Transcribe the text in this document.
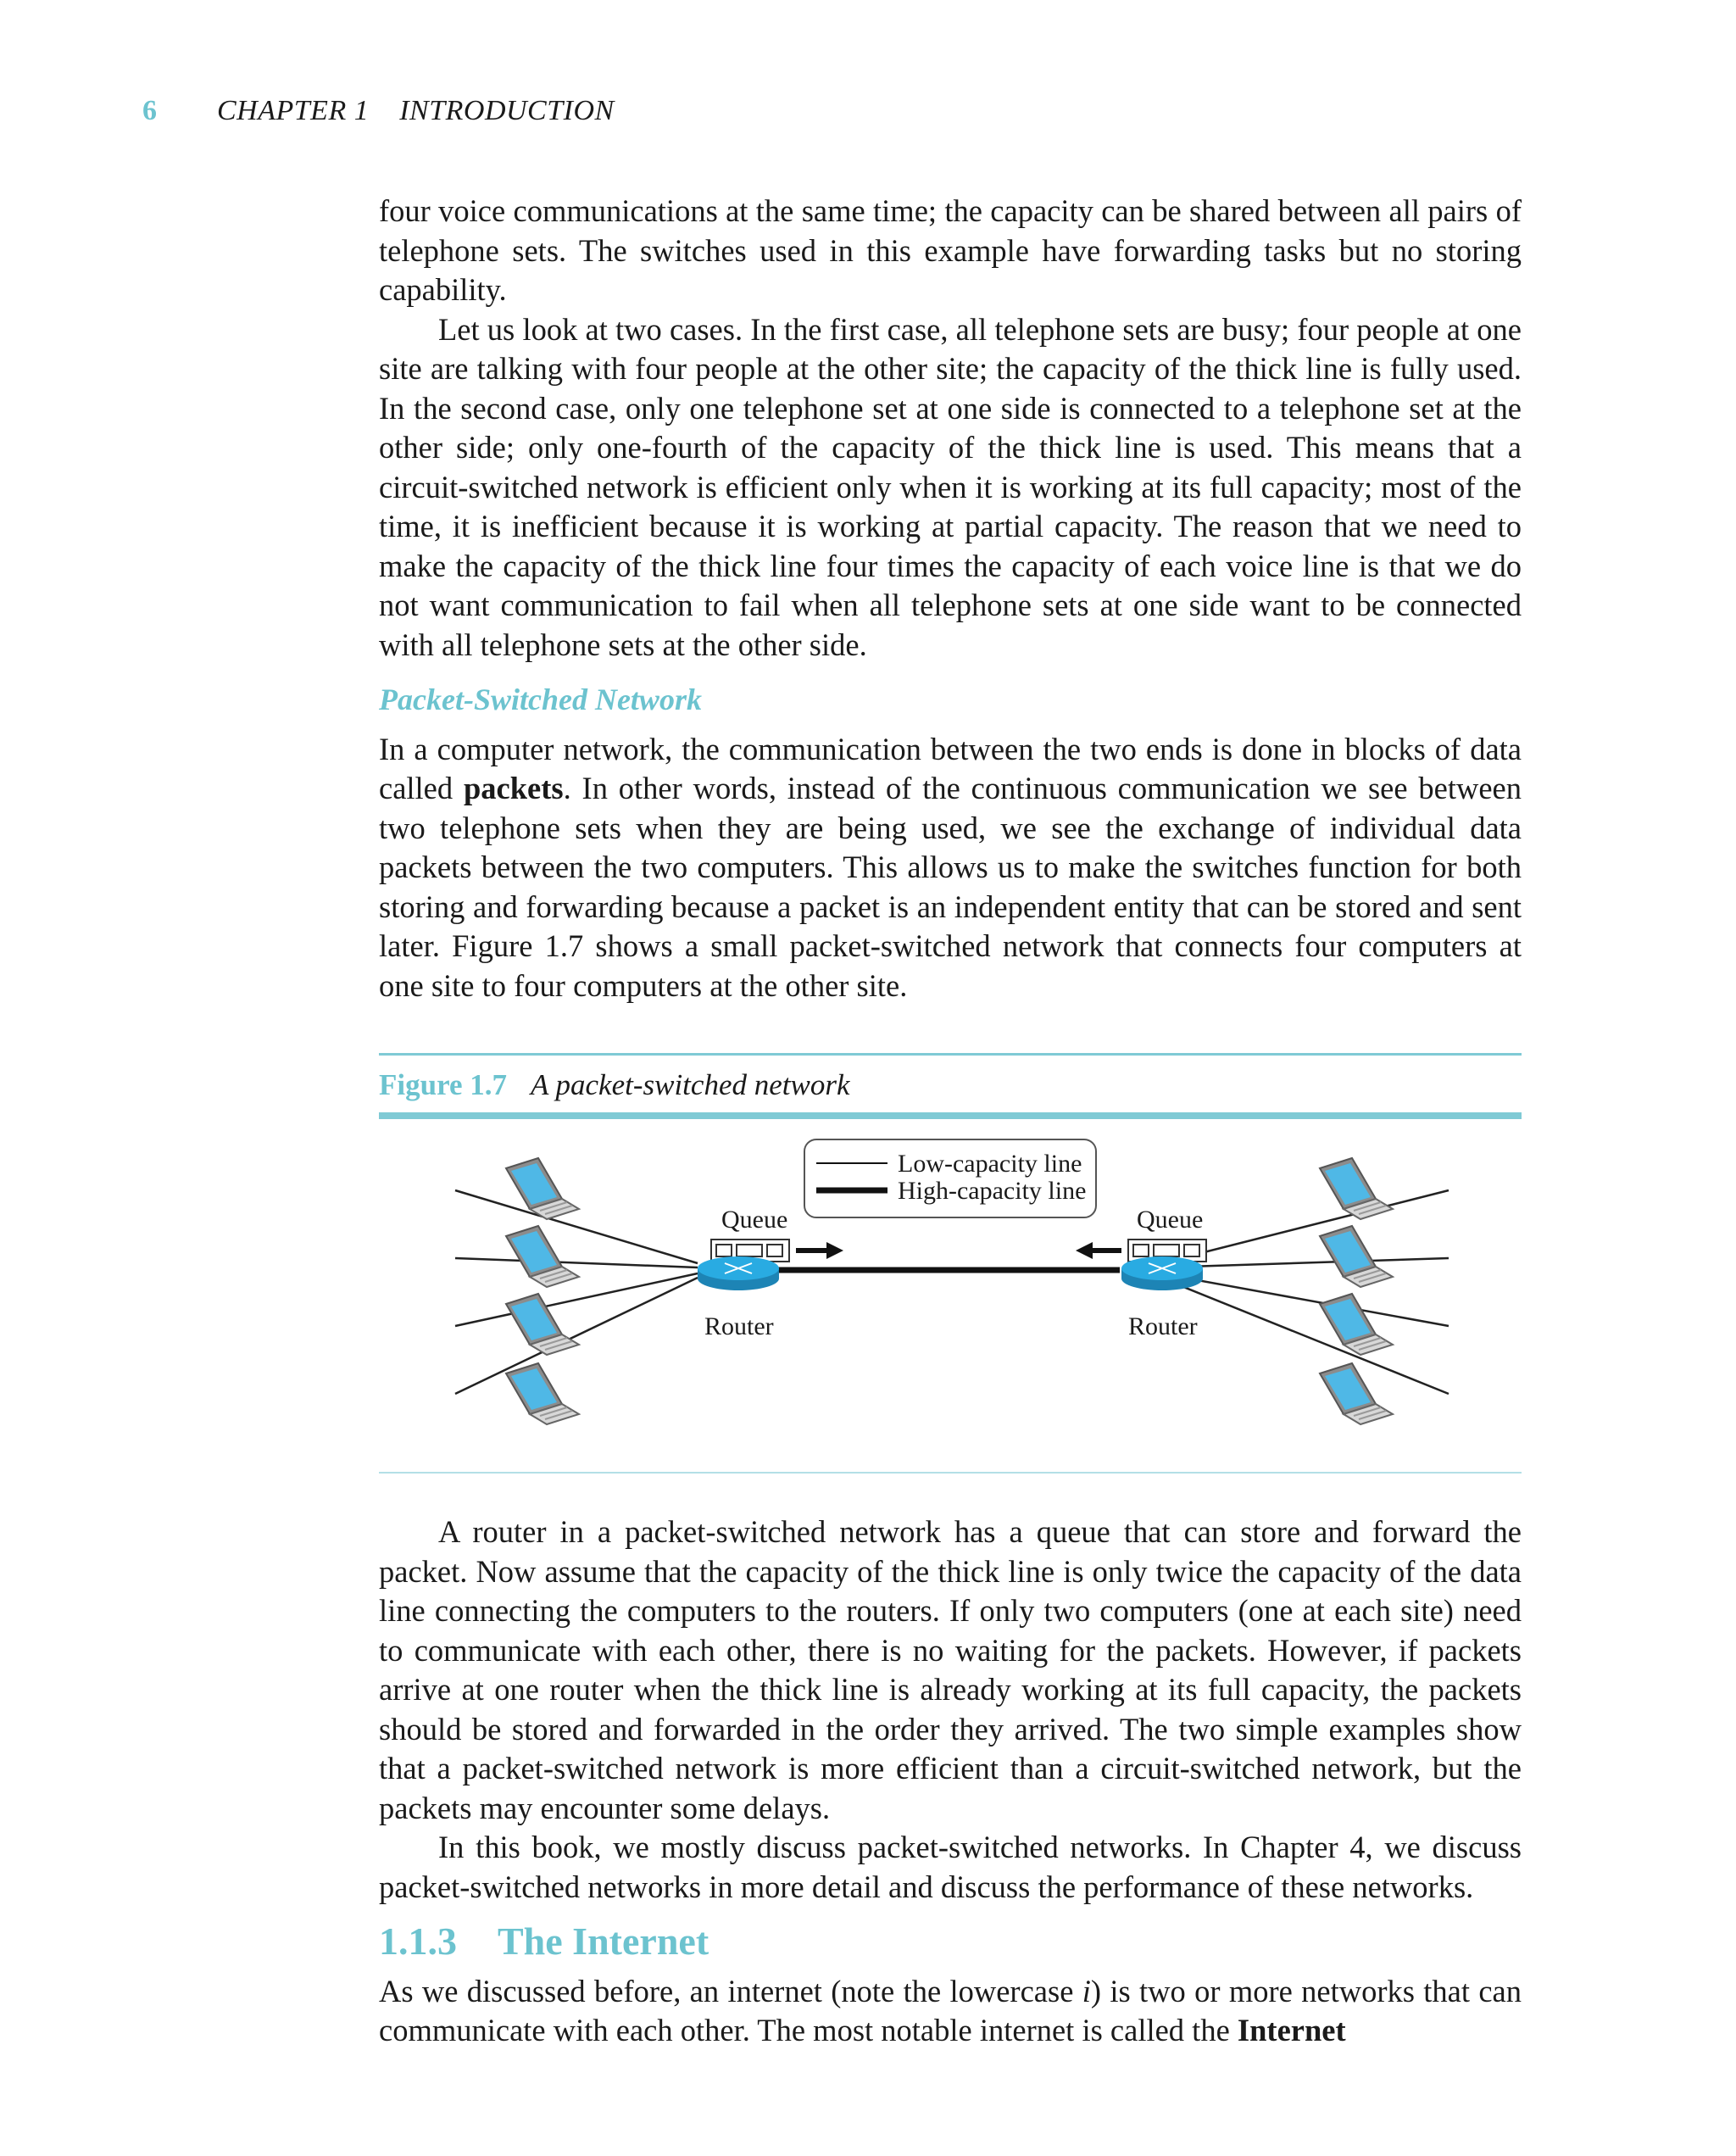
6 CHAPTER 1 INTRODUCTION

four voice communications at the same time; the capacity can be shared between all pairs of telephone sets. The switches used in this example have forwarding tasks but no storing capability.

Let us look at two cases. In the first case, all telephone sets are busy; four people at one site are talking with four people at the other site; the capacity of the thick line is fully used. In the second case, only one telephone set at one side is connected to a telephone set at the other side; only one-fourth of the capacity of the thick line is used. This means that a circuit-switched network is efficient only when it is working at its full capacity; most of the time, it is inefficient because it is working at partial capacity. The reason that we need to make the capacity of the thick line four times the capacity of each voice line is that we do not want communication to fail when all telephone sets at one side want to be connected with all telephone sets at the other side.

Packet-Switched Network

In a computer network, the communication between the two ends is done in blocks of data called packets. In other words, instead of the continuous communication we see between two telephone sets when they are being used, we see the exchange of individual data packets between the two computers. This allows us to make the switches function for both storing and forwarding because a packet is an independent entity that can be stored and sent later. Figure 1.7 shows a small packet-switched network that connects four computers at one site to four computers at the other site.

Figure 1.7 A packet-switched network
Low-capacity line
High-capacity line
Queue	Queue
Router	Router

A router in a packet-switched network has a queue that can store and forward the packet. Now assume that the capacity of the thick line is only twice the capacity of the data line connecting the computers to the routers. If only two computers (one at each site) need to communicate with each other, there is no waiting for the packets. However, if packets arrive at one router when the thick line is already working at its full capacity, the packets should be stored and forwarded in the order they arrived. The two simple examples show that a packet-switched network is more efficient than a circuit-switched network, but the packets may encounter some delays.

In this book, we mostly discuss packet-switched networks. In Chapter 4, we discuss packet-switched networks in more detail and discuss the performance of these networks.

1.1.3 The Internet

As we discussed before, an internet (note the lowercase i) is two or more networks that can communicate with each other. The most notable internet is called the Internet
